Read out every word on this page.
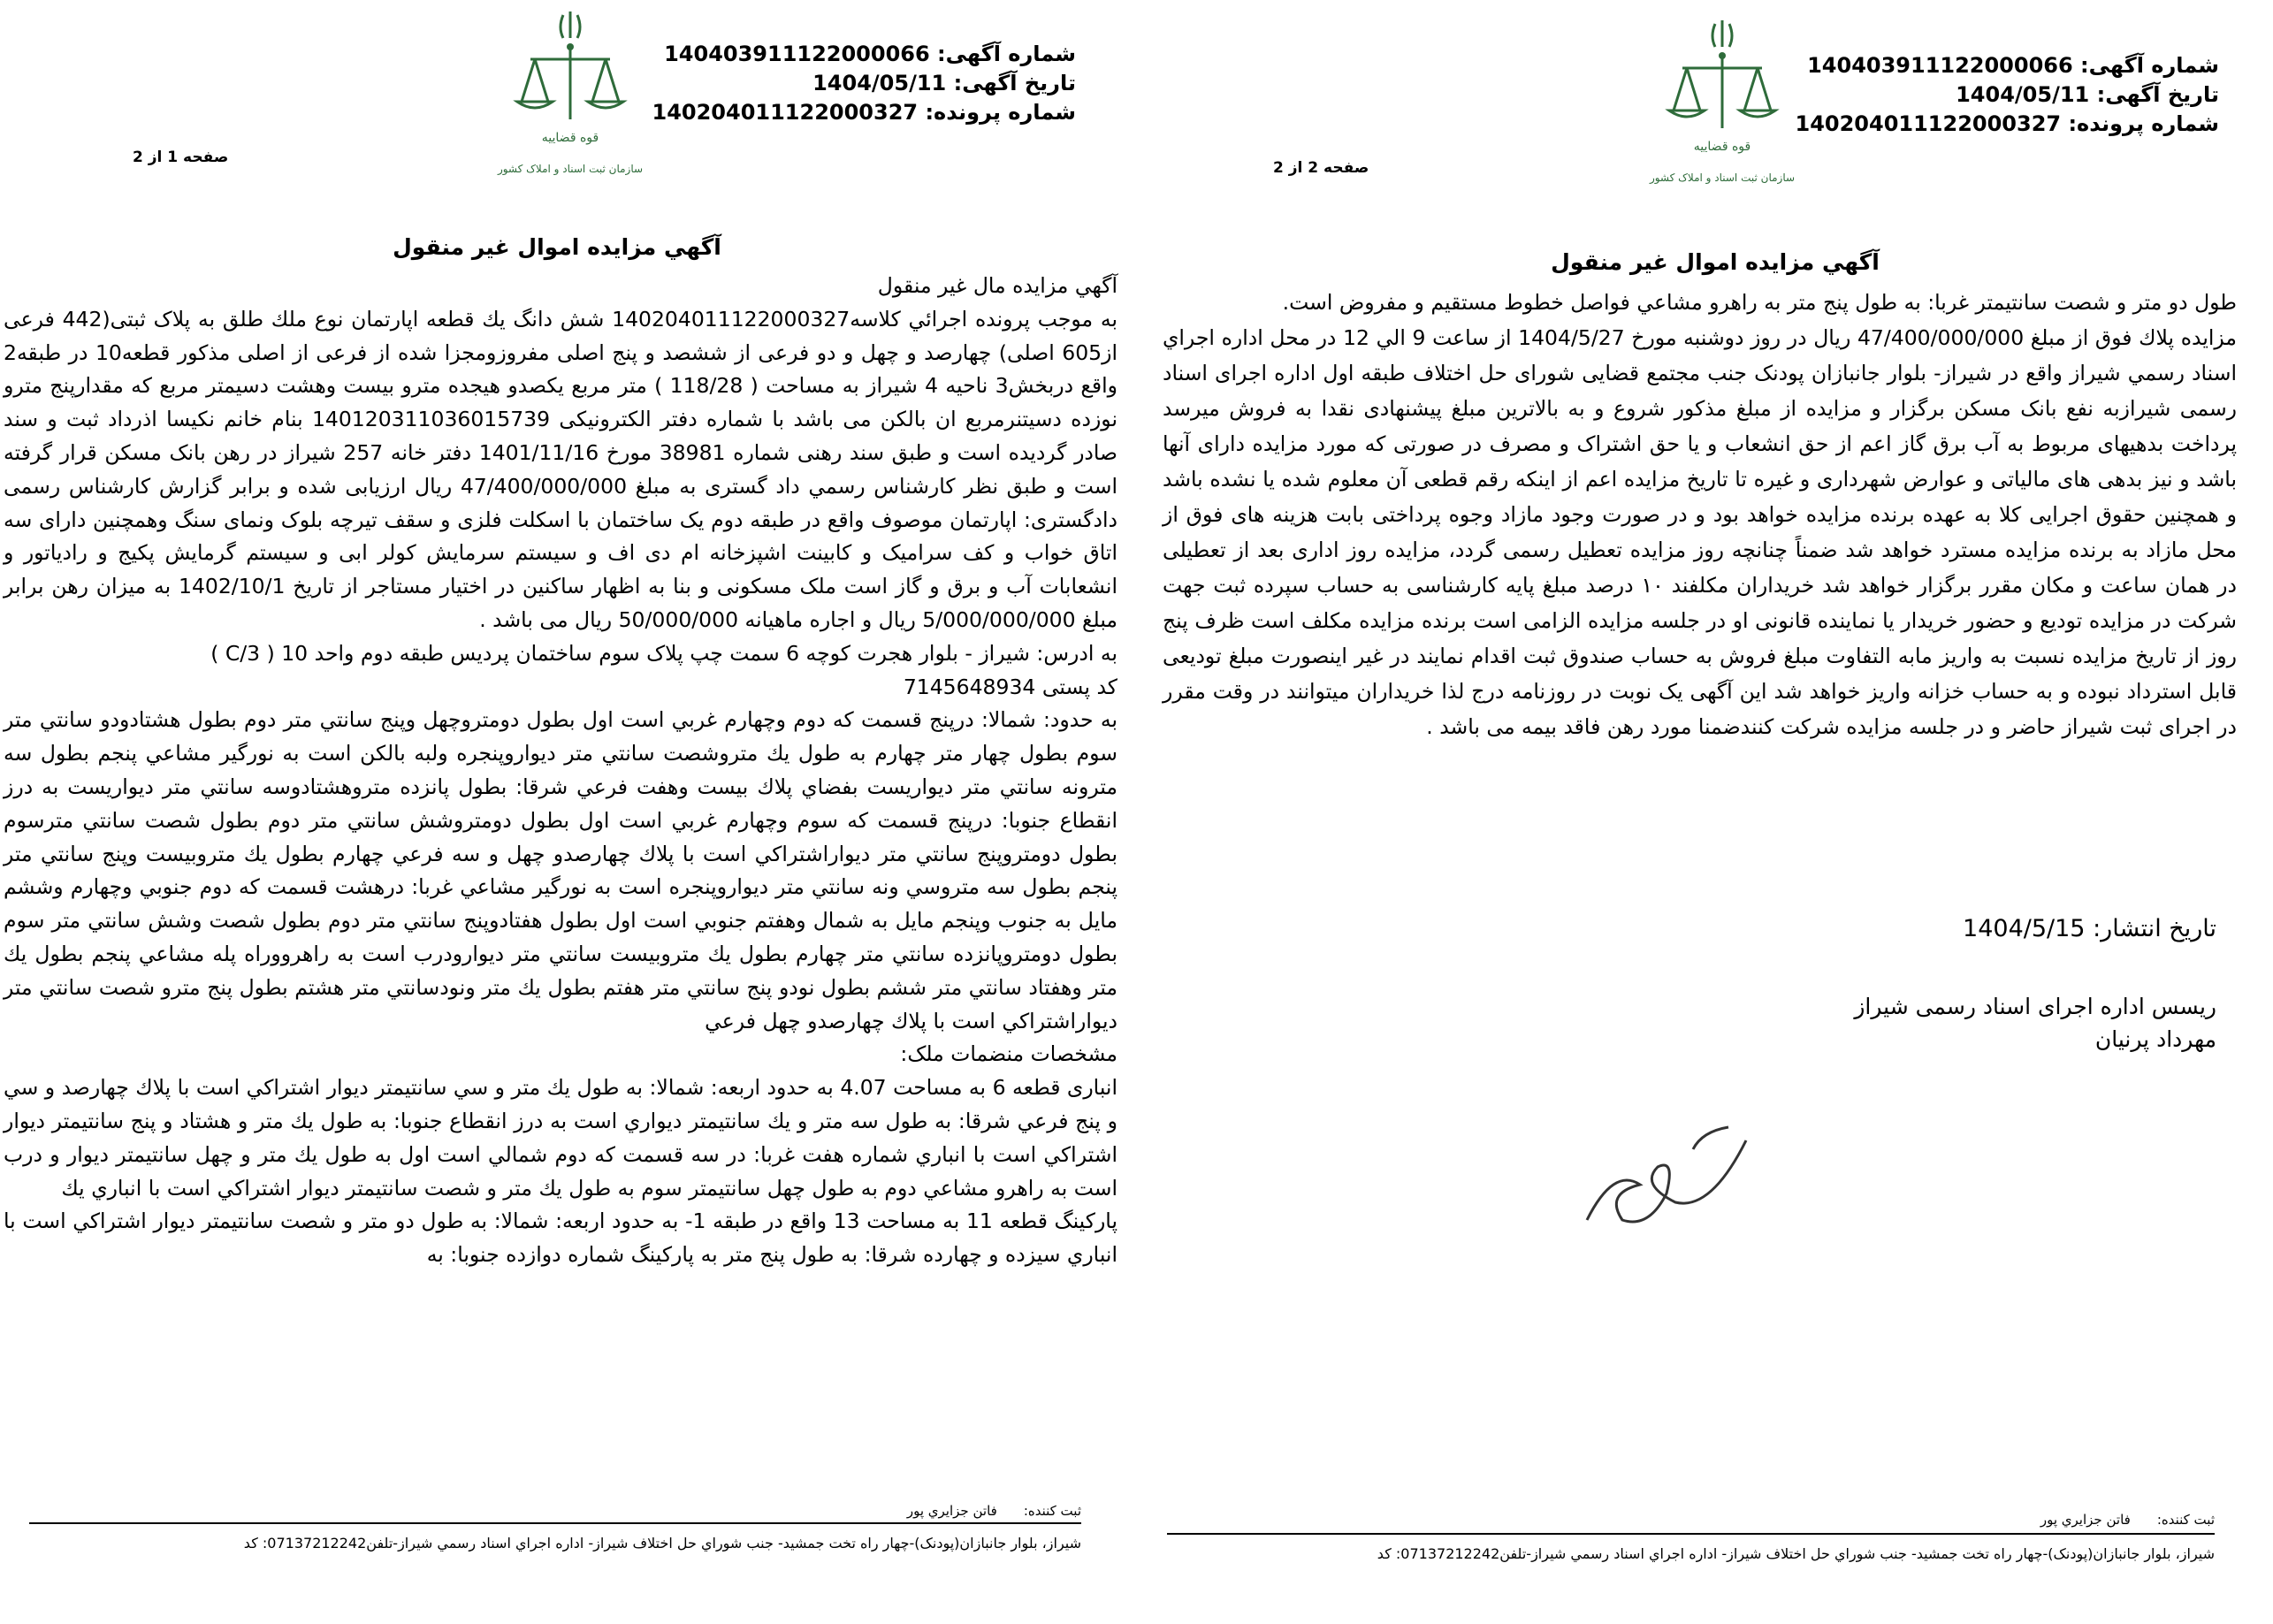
شماره آگهی: 140403911122000066
تاریخ آگهی: 1404/05/11
شماره پرونده: 140204011122000327
قوه قضاییه
سازمان ثبت اسناد و املاک کشور
صفحه 1 از 2
آگهي مزايده اموال غير منقول

آگهي مزايده مال غير منقول

به موجب پرونده اجرائي كلاسه140204011122000327 شش دانگ يك قطعه اپارتمان نوع ملك طلق به پلاک ثبتی(442 فرعی از605 اصلی) چهارصد و چهل و دو فرعی از ششصد و پنج اصلی مفروزومجزا شده از فرعی از اصلی مذکور قطعه10 در طبقه2 واقع دربخش3 ناحیه 4 شیراز به مساحت ( 118/28 ) متر مربع یکصدو هیجده مترو بیست وهشت دسیمتر مربع که مقدارپنج مترو نوزده دسیتنرمربع ان بالکن می باشد با شماره دفتر الکترونیکی 140120311036015739 بنام خانم نکیسا اذرداد ثبت و سند صادر گردیده است و طبق سند رهنی شماره 38981 مورخ 1401/11/16 دفتر خانه 257 شیراز در رهن بانک مسکن قرار گرفته است و طبق نظر کارشناس رسمي داد گستری به مبلغ 47/400/000/000 ریال ارزیابی شده و برابر گزارش کارشناس رسمی دادگستری: اپارتمان موصوف واقع در طبقه دوم یک ساختمان با اسکلت فلزی و سقف تیرچه بلوک ونمای سنگ وهمچنین دارای سه اتاق خواب و کف سرامیک و کابینت اشپزخانه ام دی اف و سیستم سرمایش کولر ابی و سیستم گرمایش پکیج و رادیاتور و انشعابات آب و برق و گاز است ملک مسکونی و بنا به اظهار ساکنین در اختیار مستاجر از تاریخ 1402/10/1 به میزان رهن برابر مبلغ 5/000/000/000 ریال و اجاره ماهیانه 50/000/000 ریال می باشد .

به ادرس: شیراز - بلوار هجرت کوچه 6 سمت چپ پلاک سوم ساختمان پردیس طبقه دوم واحد 10 ( C/3 )

کد پستی 7145648934

به حدود: شمالا: درپنج قسمت كه دوم وچهارم غربي است اول بطول دومتروچهل وپنج سانتي متر دوم بطول هشتادودو سانتي متر سوم بطول چهار متر چهارم به طول يك متروشصت سانتي متر ديواروپنجره ولبه بالكن است به نورگير مشاعي پنجم بطول سه مترونه سانتي متر ديواريست بفضاي پلاك بيست وهفت فرعي شرقا: بطول پانزده متروهشتادوسه سانتي متر ديواريست به درز انقطاع جنوبا: درپنج قسمت كه سوم وچهارم غربي است اول بطول دومتروشش سانتي متر دوم بطول شصت سانتي مترسوم بطول دومتروپنج سانتي متر ديواراشتراكي است با پلاك چهارصدو چهل و سه فرعي چهارم بطول يك متروبيست وپنج سانتي متر پنجم بطول سه متروسي ونه سانتي متر ديواروپنجره است به نورگير مشاعي غربا: درهشت قسمت كه دوم جنوبي وچهارم وششم مايل به جنوب وپنجم مايل به شمال وهفتم جنوبي است اول بطول هفتادوپنج سانتي متر دوم بطول شصت وشش سانتي متر سوم بطول دومتروپانزده سانتي متر چهارم بطول يك متروبيست سانتي متر ديوارودرب است به راهرووراه پله مشاعي پنجم بطول يك متر وهفتاد سانتي متر ششم بطول نودو پنج سانتي متر هفتم بطول يك متر ونودسانتي متر هشتم بطول پنج مترو شصت سانتي متر ديواراشتراكي است با پلاك چهارصدو چهل فرعي

مشخصات منضمات ملک:

انباری قطعه 6 به مساحت 4.07 به حدود اربعه: شمالا: به طول يك متر و سي سانتيمتر ديوار اشتراكي است با پلاك چهارصد و سي و پنج فرعي شرقا: به طول سه متر و يك سانتيمتر ديواري است به درز انقطاع جنوبا: به طول يك متر و هشتاد و پنج سانتيمتر ديوار اشتراكي است با انباري شماره هفت غربا: در سه قسمت كه دوم شمالي است اول به طول يك متر و چهل سانتيمتر ديوار و درب است به راهرو مشاعي دوم به طول چهل سانتيمتر سوم به طول يك متر و شصت سانتيمتر ديوار اشتراكي است با انباري يك

پارکینگ قطعه 11 به مساحت 13 واقع در طبقه 1- به حدود اربعه: شمالا: به طول دو متر و شصت سانتيمتر ديوار اشتراكي است با انباري سيزده و چهارده شرقا: به طول پنج متر به پاركينگ شماره دوازده جنوبا: به

ثبت کننده:فاتن جزايري پور
شیراز، بلوار جانبازان(پودنک)-چهار راه تخت جمشید- جنب شوراي حل اختلاف شیراز- اداره اجراي اسناد رسمي شیراز-تلفن07137212242: کد
شماره آگهی: 140403911122000066
تاریخ آگهی: 1404/05/11
شماره پرونده: 140204011122000327
قوه قضاییه
سازمان ثبت اسناد و املاک کشور
صفحه 2 از 2
آگهي مزايده اموال غير منقول

طول دو متر و شصت سانتيمتر غربا: به طول پنج متر به راهرو مشاعي فواصل خطوط مستقيم و مفروض است.

مزايده پلاك فوق از مبلغ 47/400/000/000 ريال در روز دوشنبه مورخ 1404/5/27 از ساعت 9 الي 12 در محل اداره اجراي اسناد رسمي شيراز واقع در شيراز- بلوار جانبازان پودنک جنب مجتمع قضایی شورای حل اختلاف طبقه اول اداره اجرای اسناد رسمی شیرازبه نفع بانک مسکن برگزار و مزایده از مبلغ مذکور شروع و به بالاترین مبلغ پیشنهادی نقدا به فروش میرسد پرداخت بدهیهای مربوط به آب برق گاز اعم از حق انشعاب و یا حق اشتراک و مصرف در صورتی که مورد مزایده دارای آنها باشد و نیز بدهی های مالیاتی و عوارض شهرداری و غیره تا تاریخ مزایده اعم از اینکه رقم قطعی آن معلوم شده یا نشده باشد و همچنین حقوق اجرایی کلا به عهده برنده مزایده خواهد بود و در صورت وجود مازاد وجوه پرداختی بابت هزینه های فوق از محل مازاد به برنده مزایده مسترد خواهد شد ضمناً چنانچه روز مزایده تعطیل رسمی گردد، مزایده روز اداری بعد از تعطیلی در همان ساعت و مکان مقرر برگزار خواهد شد خریداران مکلفند ۱۰ درصد مبلغ پایه کارشناسی به حساب سپرده ثبت جهت شرکت در مزایده تودیع و حضور خریدار یا نماینده قانونی او در جلسه مزایده الزامی است برنده مزایده مکلف است ظرف پنج روز از تاریخ مزایده نسبت به واریز مابه التفاوت مبلغ فروش به حساب صندوق ثبت اقدام نمایند در غیر اینصورت مبلغ تودیعی قابل استرداد نبوده و به حساب خزانه واریز خواهد شد این آگهی یک نوبت در روزنامه درج لذا خریداران میتوانند در وقت مقرر در اجرای ثبت شیراز حاضر و در جلسه مزایده شرکت کنندضمنا مورد رهن فاقد بیمه می باشد .

تاریخ انتشار: 1404/5/15
ریسس اداره اجرای اسناد رسمی شیراز
مهرداد پرنیان
ثبت کننده:فاتن جزايري پور
شیراز، بلوار جانبازان(پودنک)-چهار راه تخت جمشید- جنب شوراي حل اختلاف شیراز- اداره اجراي اسناد رسمي شیراز-تلفن07137212242: کد
